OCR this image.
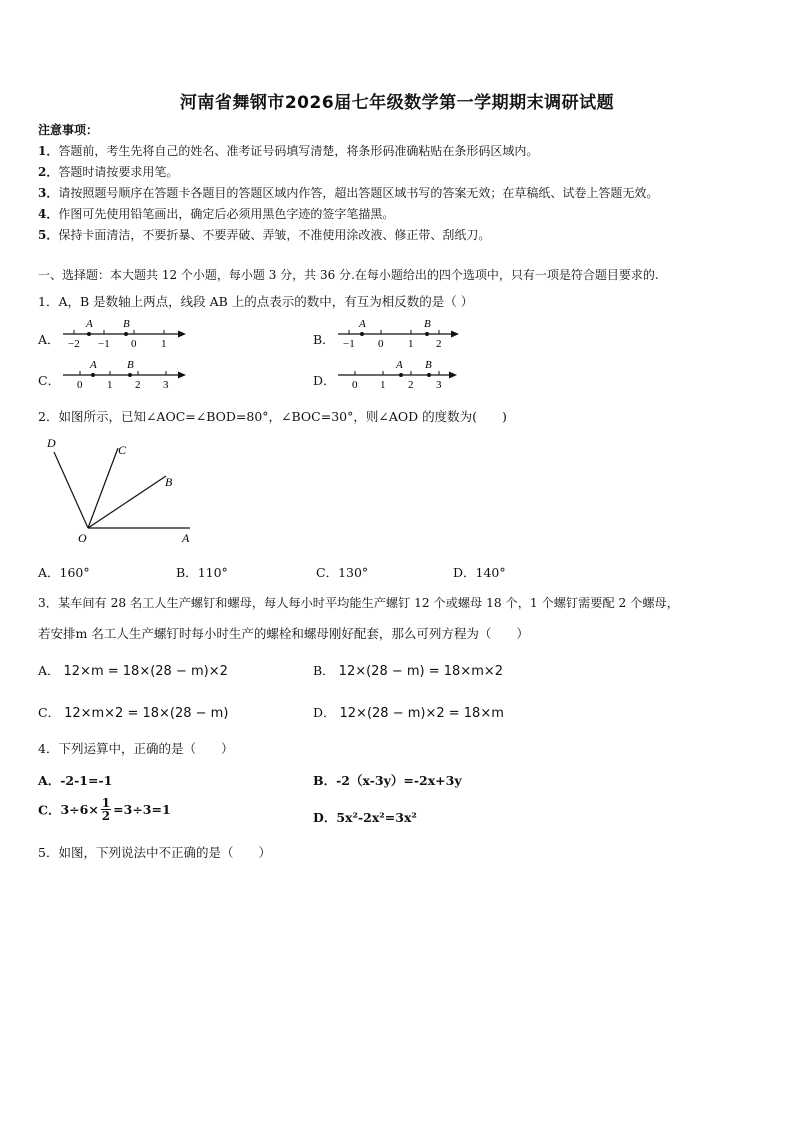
河南省舞钢市2026届七年级数学第一学期期末调研试题
注意事项：
1．答题前，考生先将自己的姓名、准考证号码填写清楚，将条形码准确粘贴在条形码区域内。
2．答题时请按要求用笔。
3．请按照题号顺序在答题卡各题目的答题区域内作答，超出答题区域书写的答案无效；在草稿纸、试卷上答题无效。
4．作图可先使用铅笔画出，确定后必须用黑色字迹的签字笔描黑。
5．保持卡面清洁，不要折暴、不要弄破、弄皱，不准使用涂改液、修正带、刮纸刀。
一、选择题：本大题共 12 个小题，每小题 3 分，共 36 分.在每小题给出的四个选项中，只有一项是符合题目要求的.
1．A，B 是数轴上两点，线段 AB 上的点表示的数中，有互为相反数的是（ ）
A．
A	B
−2 −1 0 1	B．
A	B
−1 0 1 2
C．
A	B
0 1 2 3	D．
A B
0 1 2 3
2．如图所示，已知∠AOC=∠BOD=80°，∠BOC=30°，则∠AOD 的度数为(　　)
D	C
B
O	A
A．160°	B．110°	C．130°	D．140°
3．某车间有 28 名工人生产螺钉和螺母，每人每小时平均能生产螺钉 12 个或螺母 18 个，1 个螺钉需要配 2 个螺母，
若安排m 名工人生产螺钉时每小时生产的螺栓和螺母刚好配套，那么可列方程为（　　）
A． 12×m = 18×(28 − m)×2	B． 12×(28 − m) = 18×m×2
C． 12×m×2 = 18×(28 − m)	D． 12×(28 − m)×2 = 18×m
4．下列运算中，正确的是（　　）
A．-2-1=-1	B．-2（x-3y）=-2x+3y
C．$3\div 6\times \frac{1}{2} =3\div 3=1$
D．5x²-2x²=3x²
5．如图，下列说法中不正确的是（　　）
